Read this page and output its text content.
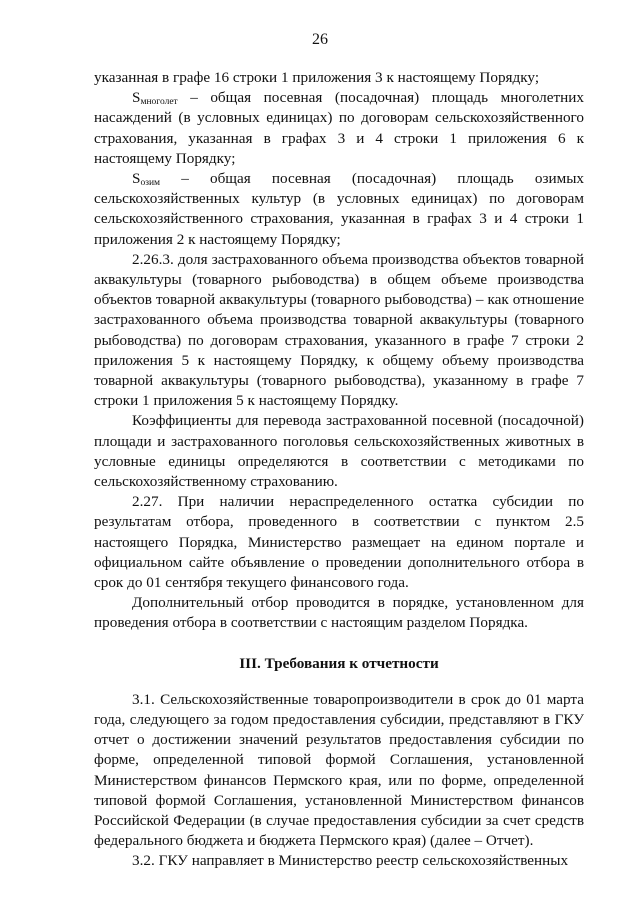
26

указанная в графе 16 строки 1 приложения 3 к настоящему Порядку;

$S_{многолет}$ – общая посевная (посадочная) площадь многолетних насаждений (в условных единицах) по договорам сельскохозяйственного страхования, указанная в графах 3 и 4 строки 1 приложения 6 к настоящему Порядку;

$S_{озим}$ – общая посевная (посадочная) площадь озимых сельскохозяйственных культур (в условных единицах) по договорам сельскохозяйственного страхования, указанная в графах 3 и 4 строки 1 приложения 2 к настоящему Порядку;

2.26.3. доля застрахованного объема производства объектов товарной аквакультуры (товарного рыбоводства) в общем объеме производства объектов товарной аквакультуры (товарного рыбоводства) – как отношение застрахованного объема производства товарной аквакультуры (товарного рыбоводства) по договорам страхования, указанного в графе 7 строки 2 приложения 5 к настоящему Порядку, к общему объему производства товарной аквакультуры (товарного рыбоводства), указанному в графе 7 строки 1 приложения 5 к настоящему Порядку.

Коэффициенты для перевода застрахованной посевной (посадочной) площади и застрахованного поголовья сельскохозяйственных животных в условные единицы определяются в соответствии с методиками по сельскохозяйственному страхованию.

2.27. При наличии нераспределенного остатка субсидии по результатам отбора, проведенного в соответствии с пунктом 2.5 настоящего Порядка, Министерство размещает на едином портале и официальном сайте объявление о проведении дополнительного отбора в срок до 01 сентября текущего финансового года.

Дополнительный отбор проводится в порядке, установленном для проведения отбора в соответствии с настоящим разделом Порядка.

III. Требования к отчетности

3.1. Сельскохозяйственные товаропроизводители в срок до 01 марта года, следующего за годом предоставления субсидии, представляют в ГКУ отчет о достижении значений результатов предоставления субсидии по форме, определенной типовой формой Соглашения, установленной Министерством финансов Пермского края, или по форме, определенной типовой формой Соглашения, установленной Министерством финансов Российской Федерации (в случае предоставления субсидии за счет средств федерального бюджета и бюджета Пермского края) (далее – Отчет).

3.2. ГКУ направляет в Министерство реестр сельскохозяйственных
